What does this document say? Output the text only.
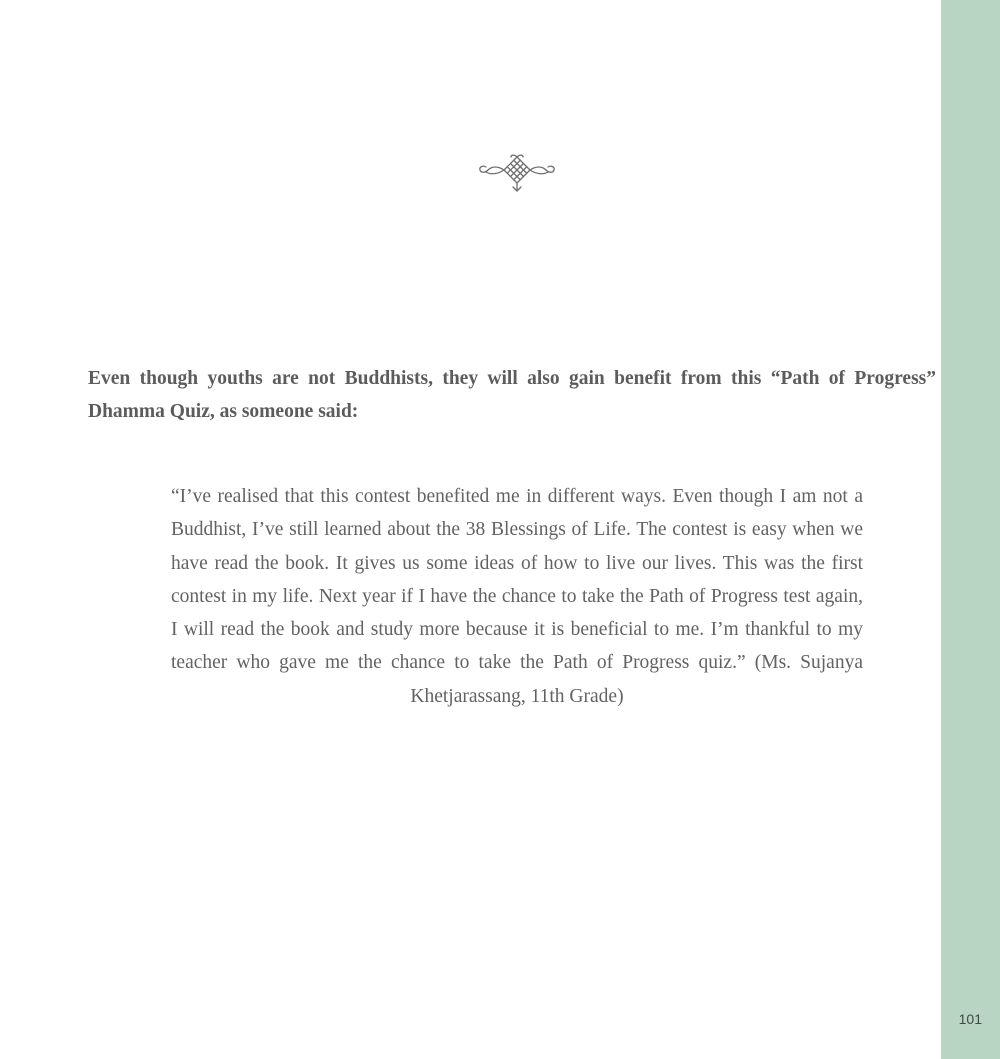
Even though youths are not Buddhists, they will also gain benefit from this “Path of Progress” Dhamma Quiz, as someone said:

“I’ve realised that this contest benefited me in different ways. Even though I am not a Buddhist, I’ve still learned about the 38 Blessings of Life. The contest is easy when we have read the book. It gives us some ideas of how to live our lives. This was the first contest in my life. Next year if I have the chance to take the Path of Progress test again, I will read the book and study more because it is beneficial to me. I’m thankful to my teacher who gave me the chance to take the Path of Progress quiz.” (Ms. Sujanya Khetjarassang, 11th Grade)

101
